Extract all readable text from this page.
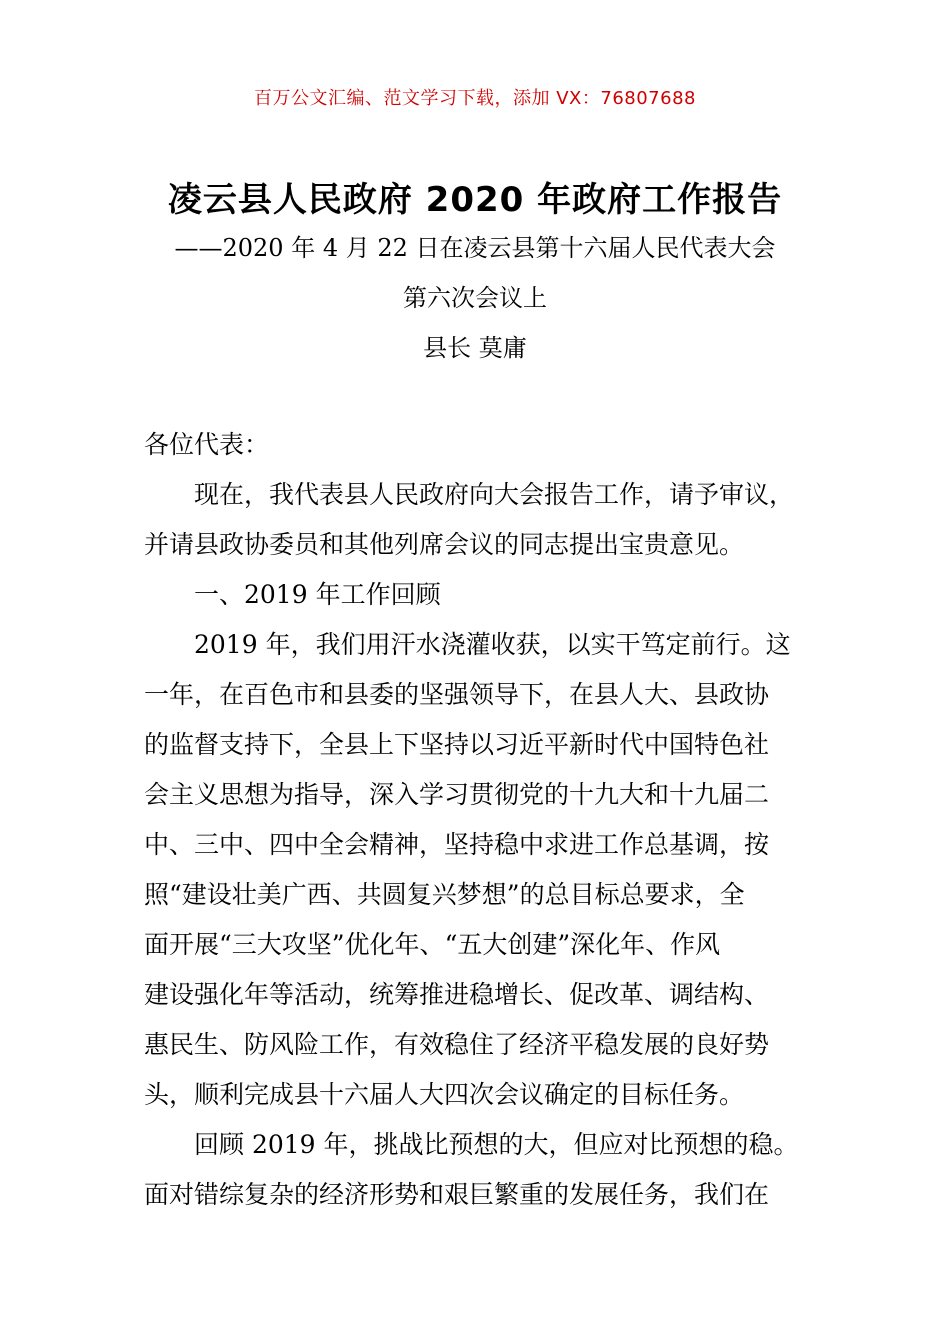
百万公文汇编、范文学习下载，添加 VX：76807688
凌云县人民政府 2020 年政府工作报告
——2020 年 4 月 22 日在凌云县第十六届人民代表大会
第六次会议上
县长 莫庸
各位代表：
现在，我代表县人民政府向大会报告工作，请予审议，
并请县政协委员和其他列席会议的同志提出宝贵意见。
一、2019 年工作回顾
2019 年，我们用汗水浇灌收获，以实干笃定前行。这
一年，在百色市和县委的坚强领导下，在县人大、县政协
的监督支持下，全县上下坚持以习近平新时代中国特色社
会主义思想为指导，深入学习贯彻党的十九大和十九届二
中、三中、四中全会精神，坚持稳中求进工作总基调，按
照“建设壮美广西、共圆复兴梦想”的总目标总要求，全
面开展“三大攻坚”优化年、“五大创建”深化年、作风
建设强化年等活动，统筹推进稳增长、促改革、调结构、
惠民生、防风险工作，有效稳住了经济平稳发展的良好势
头，顺利完成县十六届人大四次会议确定的目标任务。
回顾 2019 年，挑战比预想的大，但应对比预想的稳。
面对错综复杂的经济形势和艰巨繁重的发展任务，我们在
